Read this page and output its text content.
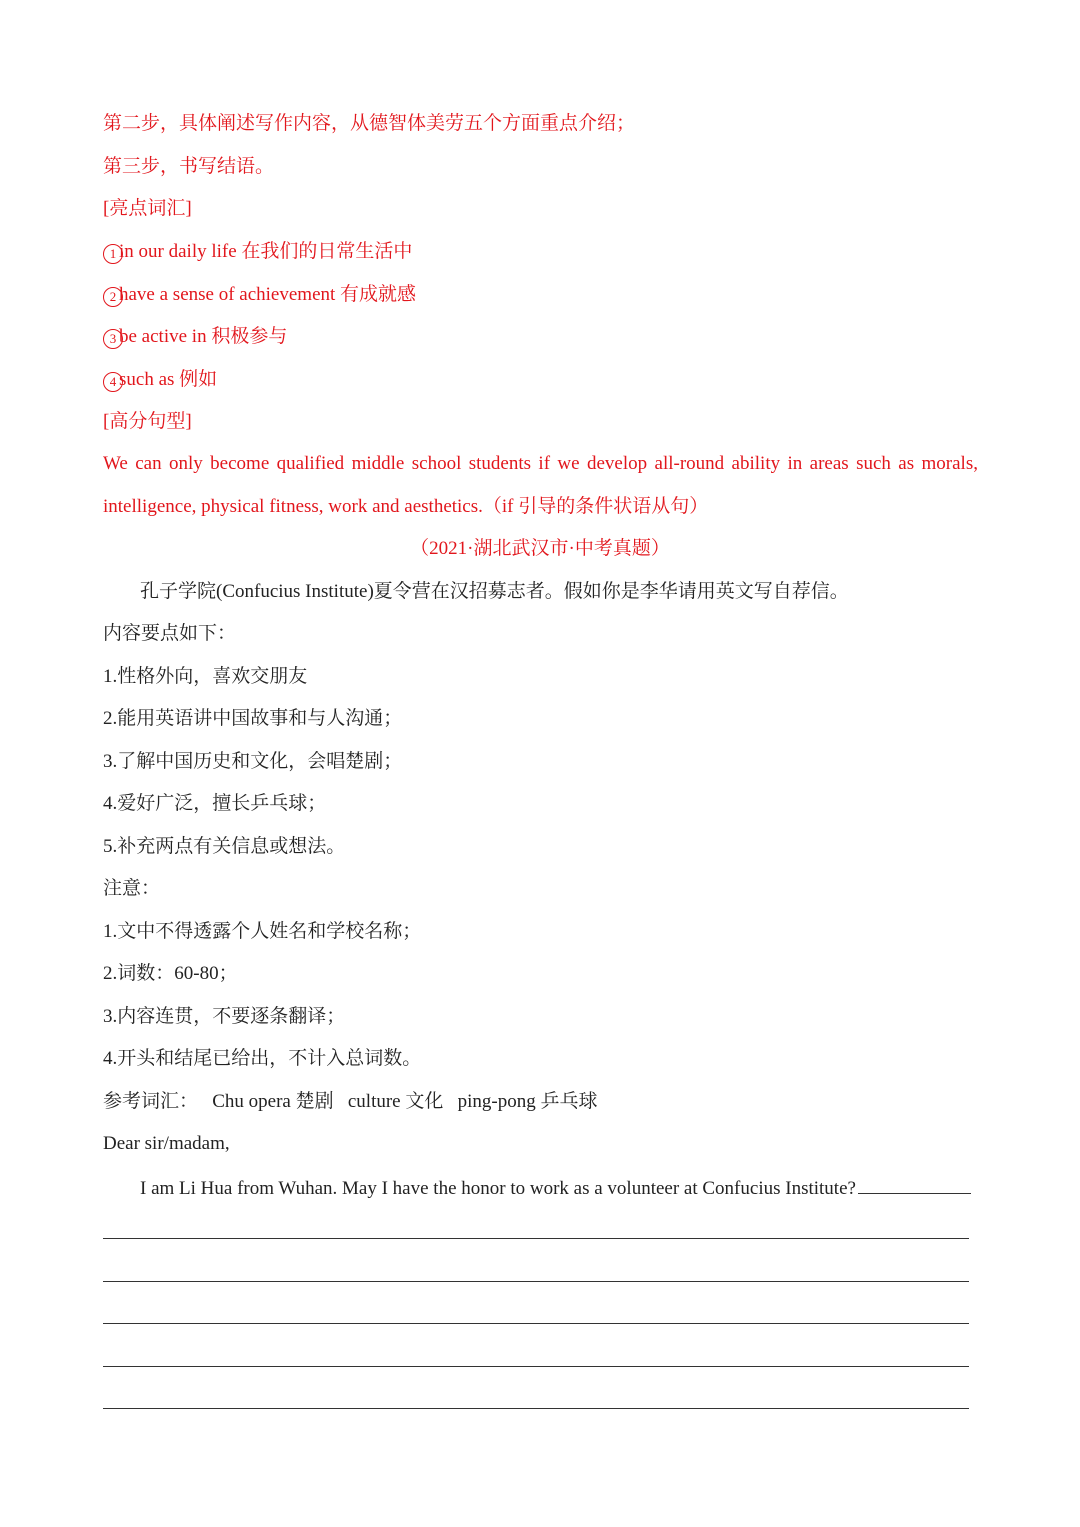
第二步，具体阐述写作内容，从德智体美劳五个方面重点介绍；
第三步，书写结语。
[亮点词汇]
1 in our daily life 在我们的日常生活中
2 have a sense of achievement 有成就感
3 be active in 积极参与
4 such as 例如
[高分句型]
We can only become qualified middle school students if we develop all-round ability in areas such as morals,
intelligence, physical fitness, work and aesthetics.（if 引导的条件状语从句）
（2021·湖北武汉市·中考真题）
孔子学院(Confucius Institute)夏令营在汉招募志者。假如你是李华请用英文写自荐信。
内容要点如下：
1.性格外向，喜欢交朋友
2.能用英语讲中国故事和与人沟通；
3.了解中国历史和文化，会唱楚剧；
4.爱好广泛，擅长乒乓球；
5.补充两点有关信息或想法。
注意：
1.文中不得透露个人姓名和学校名称；
2.词数：60-80；
3.内容连贯，不要逐条翻译；
4.开头和结尾已给出，不计入总词数。
参考词汇：   Chu opera 楚剧   culture 文化   ping-pong 乒乓球
Dear sir/madam,
I am Li Hua from Wuhan. May I have the honor to work as a volunteer at Confucius Institute?
